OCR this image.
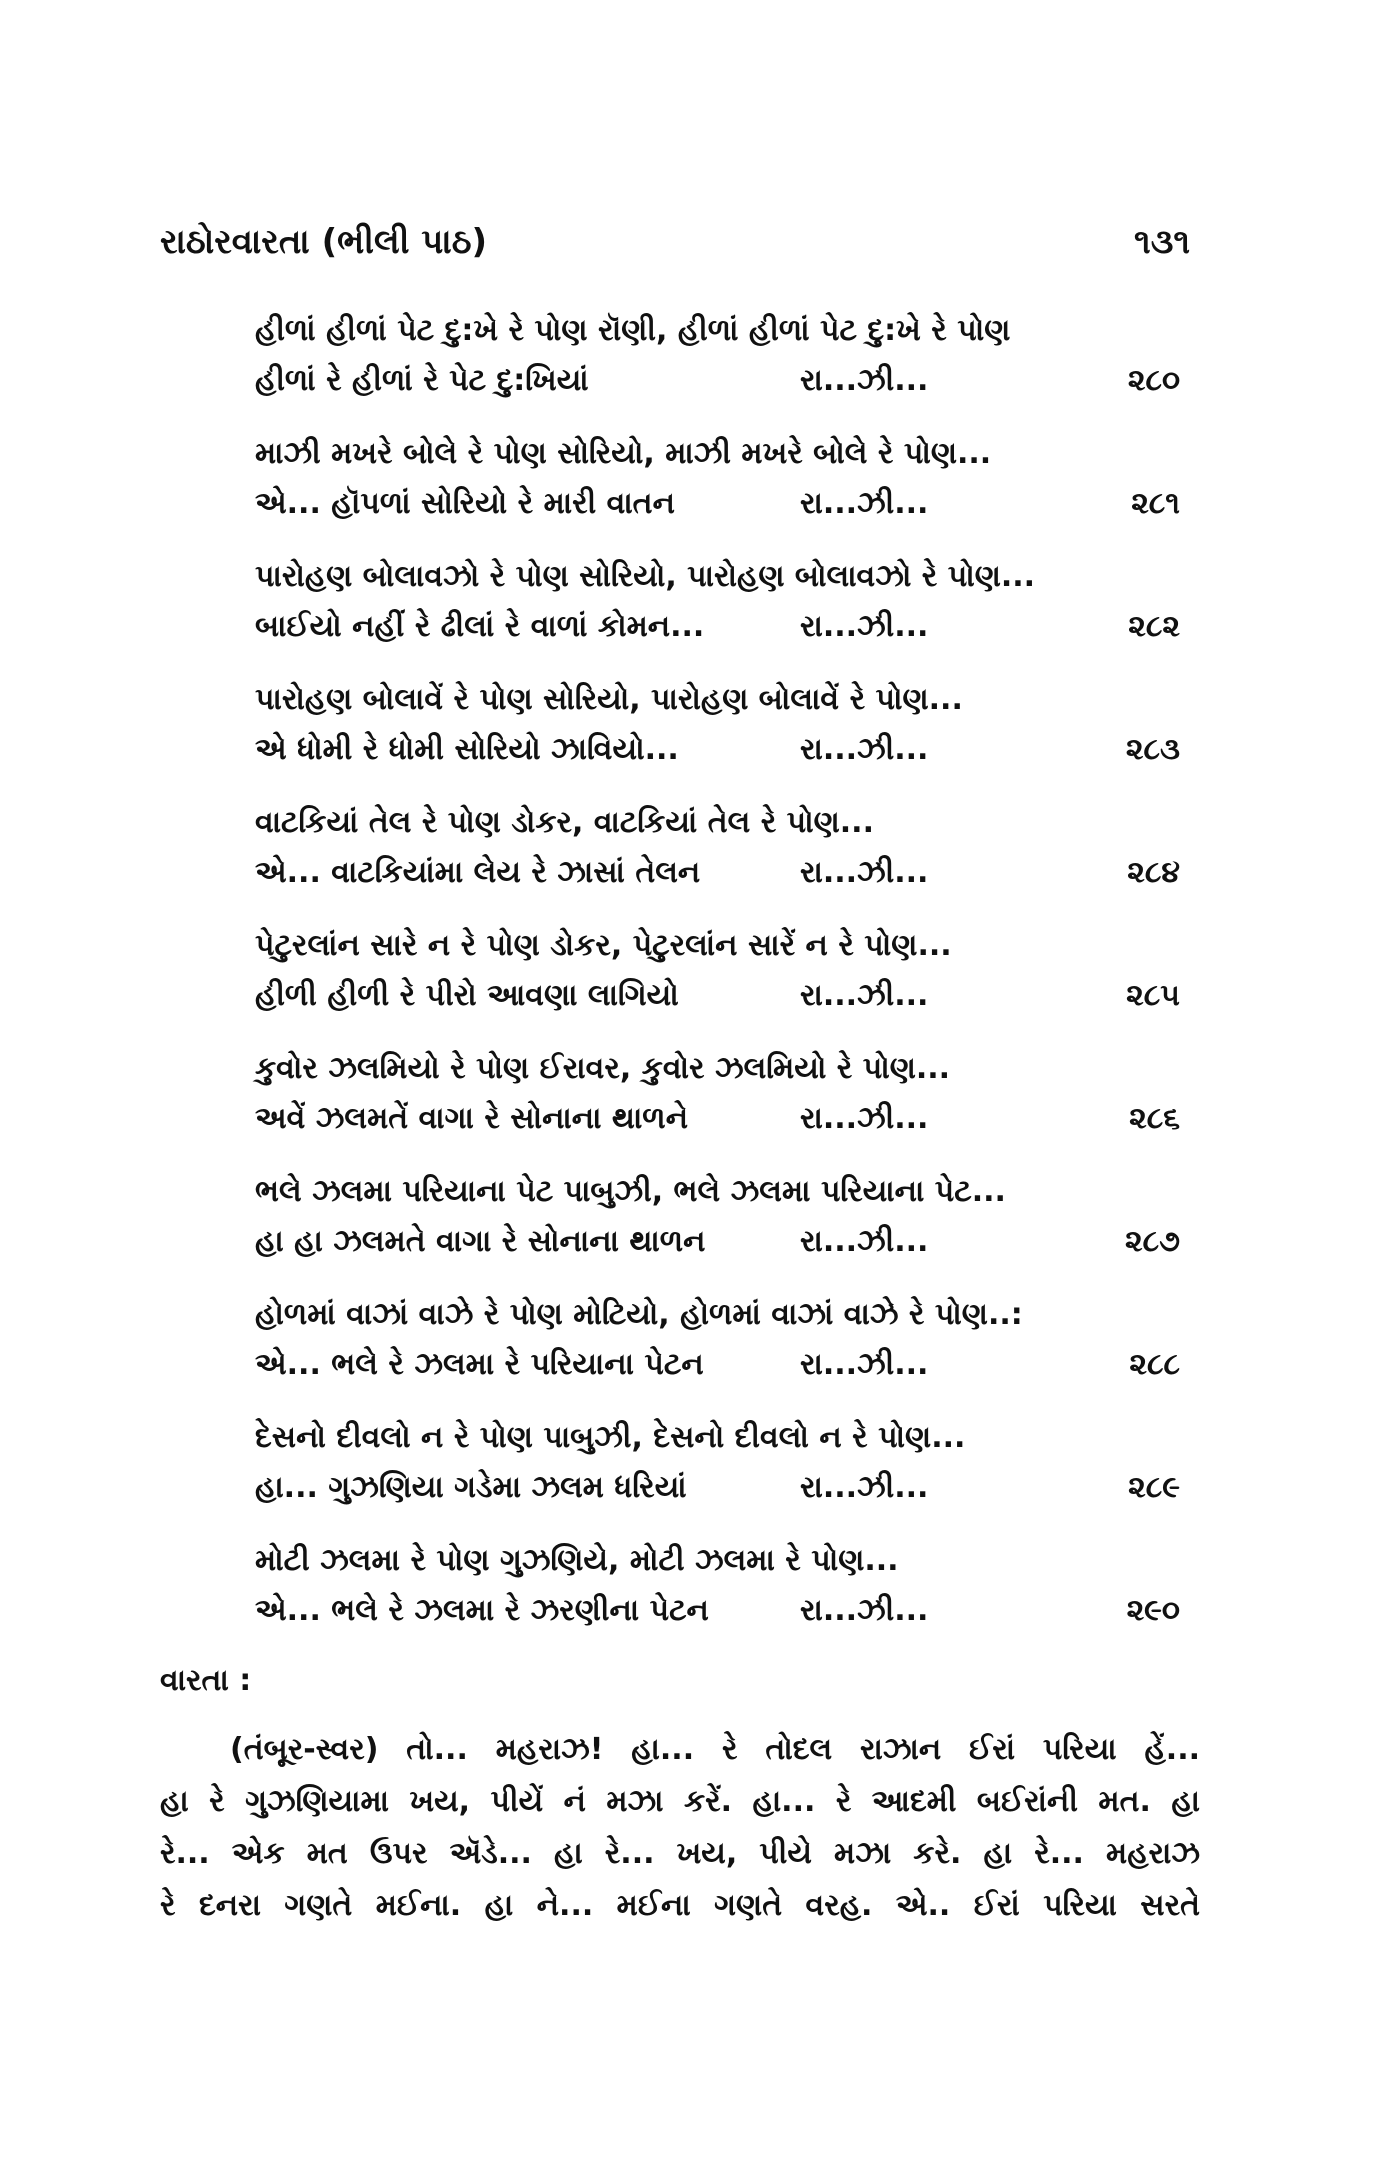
રાઠોરવારતા (ભીલી પાઠ)	૧૩૧
હીળાં હીળાં પેટ દુ:ખે રે પોણ રૉણી, હીળાં હીળાં પેટ દુ:ખે રે પોણ
હીળાં રે હીળાં રે પેટ દુ:ખિયાં	રા...ઝી...	૨૮૦
માઝી મખરે બોલે રે પોણ સોરિયો, માઝી મખરે બોલે રે પોણ...
એ... હૉપળાં સોરિયો રે મારી વાતન	રા...ઝી...	૨૮૧
પારોહણ બોલાવઝો રે પોણ સોરિયો, પારોહણ બોલાવઝો રે પોણ...
બાઈયો નહીં રે ઢીલાં રે વાળાં કોમન...	રા...ઝી...	૨૮૨
પારોહણ બોલાવેં રે પોણ સોરિયો, પારોહણ બોલાવેં રે પોણ...
એ ધોમી રે ધોમી સોરિયો ઝાવિયો...	રા...ઝી...	૨૮૩
વાટકિયાં તેલ રે પોણ ડોકર, વાટકિયાં તેલ રે પોણ...
એ... વાટકિયાંમા લેય રે ઝાસાં તેલન	રા...ઝી...	૨૮૪
પેટુરલાંન સારે ન રે પોણ ડોકર, પેટુરલાંન સારેં ન રે પોણ...
હીળી હીળી રે પીરો આવણા લાગિયો	રા...ઝી...	૨૮૫
કુવોર ઝલમિયો રે પોણ ઈરાવર, કુવોર ઝલમિયો રે પોણ...
અવેં ઝલમતેં વાગા રે સોનાના થાળને	રા...ઝી...	૨૮૬
ભલે ઝલમા પરિયાના પેટ પાબુઝી, ભલે ઝલમા પરિયાના પેટ...
હા હા ઝલમતે વાગા રે સોનાના થાળન	રા...ઝી...	૨૮૭
હોળમાં વાઝાં વાઝે રે પોણ મોટિયો, હોળમાં વાઝાં વાઝે રે પોણ..:
એ... ભલે રે ઝલમા રે પરિયાના પેટન	રા...ઝી...	૨૮૮
દેસનો દીવલો ન રે પોણ પાબુઝી, દેસનો દીવલો ન રે પોણ...
હા... ગુઝણિયા ગડેમા ઝલમ ધરિયાં	રા...ઝી...	૨૮૯
મોટી ઝલમા રે પોણ ગુઝણિયે, મોટી ઝલમા રે પોણ...
એ... ભલે રે ઝલમા રે ઝરણીના પેટન	રા...ઝી...	૨૯૦
વારતા :
(તંબૂર-સ્વર) તો... મહરાઝ! હા... રે તોદલ રાઝાન ઈરાં પરિયા હેં...
હા રે ગુઝણિયામા ખય, પીયેં નં મઝા કરેં. હા... રે આદમી બઈરાંની મત. હા
રે... એક મત ઉપર ઍડે... હા રે... ખય, પીયે મઝા કરે. હા રે... મહરાઝ
રે દનરા ગણતે મઈના. હા ને... મઈના ગણતે વરહ. એ.. ઈરાં પરિયા સરતે
